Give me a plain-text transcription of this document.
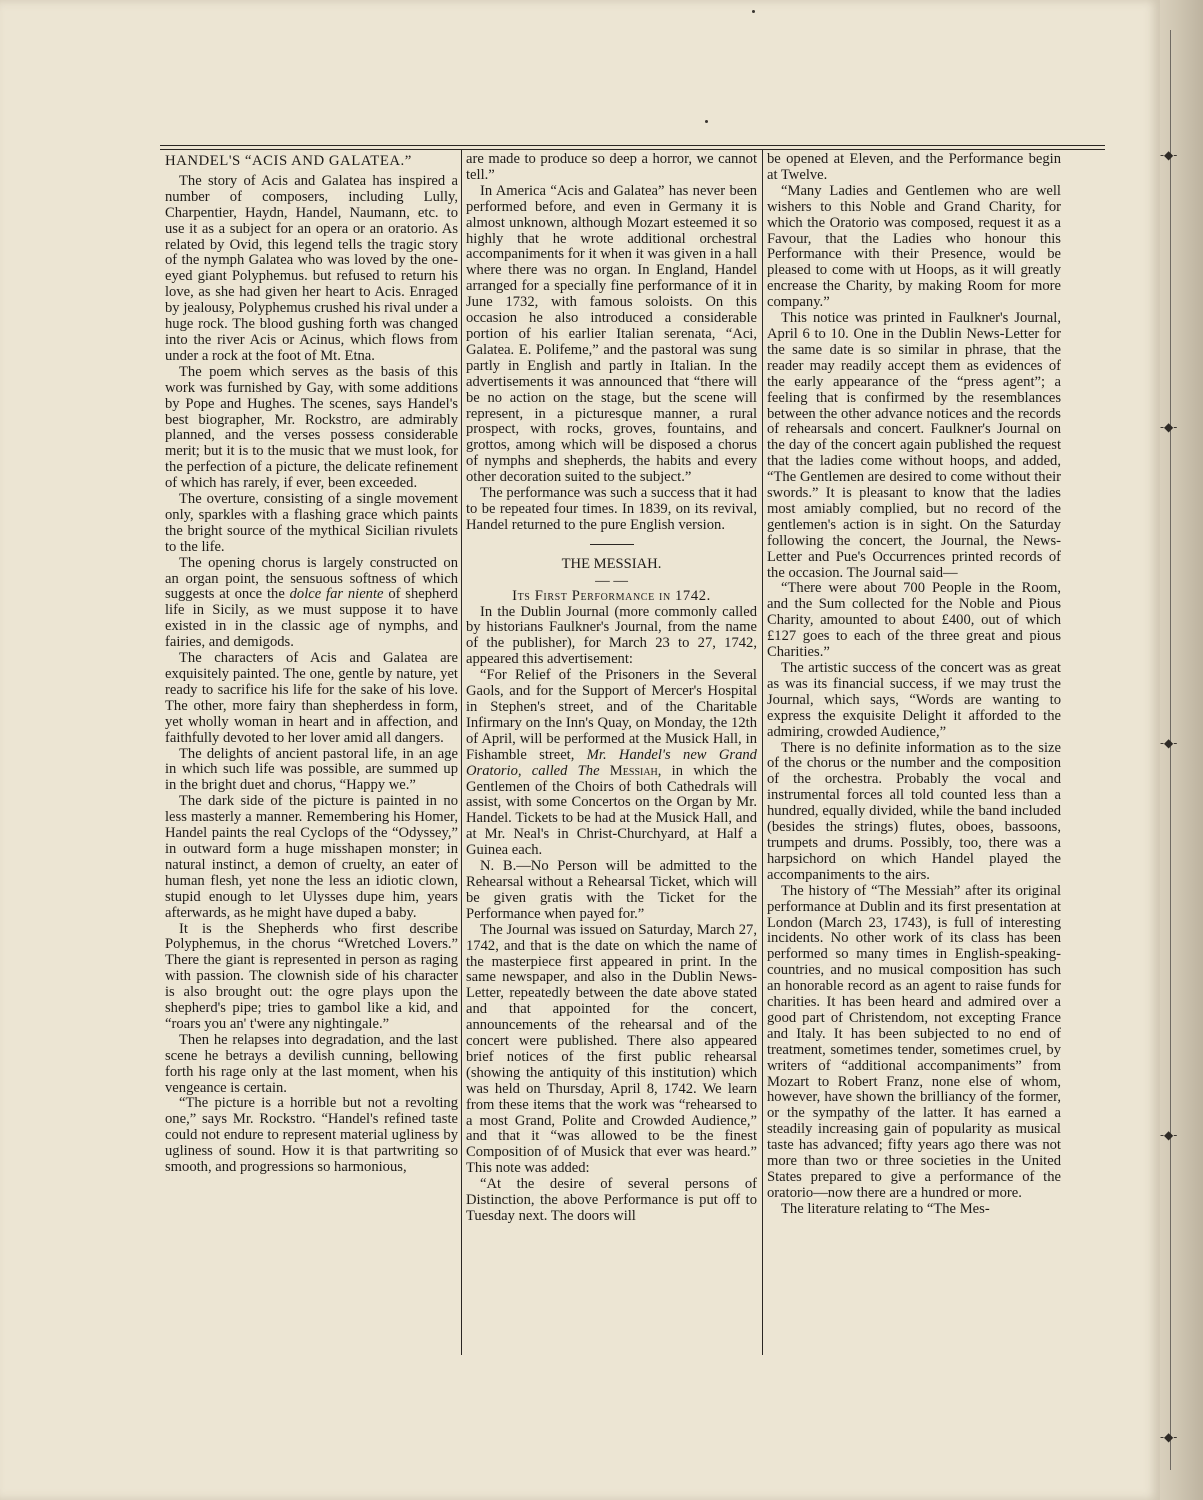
HANDEL'S “ACIS AND GALATEA.”

The story of Acis and Galatea has inspired a number of composers, including Lully, Charpentier, Haydn, Handel, Naumann, etc. to use it as a subject for an opera or an oratorio. As related by Ovid, this legend tells the tragic story of the nymph Galatea who was loved by the one-eyed giant Polyphemus. but refused to return his love, as she had given her heart to Acis. Enraged by jealousy, Polyphemus crushed his rival under a huge rock. The blood gushing forth was changed into the river Acis or Acinus, which flows from under a rock at the foot of Mt. Etna.

The poem which serves as the basis of this work was furnished by Gay, with some additions by Pope and Hughes. The scenes, says Handel's best biographer, Mr. Rockstro, are admirably planned, and the verses possess considerable merit; but it is to the music that we must look, for the perfection of a picture, the delicate refinement of which has rarely, if ever, been exceeded.

The overture, consisting of a single movement only, sparkles with a flashing grace which paints the bright source of the mythical Sicilian rivulets to the life.

The opening chorus is largely constructed on an organ point, the sensuous softness of which suggests at once the dolce far niente of shepherd life in Sicily, as we must suppose it to have existed in in the classic age of nymphs, and fairies, and demigods.

The characters of Acis and Galatea are exquisitely painted. The one, gentle by nature, yet ready to sacrifice his life for the sake of his love. The other, more fairy than shepherdess in form, yet wholly woman in heart and in affection, and faithfully devoted to her lover amid all dangers.

The delights of ancient pastoral life, in an age in which such life was possible, are summed up in the bright duet and chorus, “Happy we.”

The dark side of the picture is painted in no less masterly a manner. Remembering his Homer, Handel paints the real Cyclops of the “Odyssey,” in outward form a huge misshapen monster; in natural instinct, a demon of cruelty, an eater of human flesh, yet none the less an idiotic clown, stupid enough to let Ulysses dupe him, years afterwards, as he might have duped a baby.

It is the Shepherds who first describe Polyphemus, in the chorus “Wretched Lovers.” There the giant is represented in person as raging with passion. The clownish side of his character is also brought out: the ogre plays upon the shepherd's pipe; tries to gambol like a kid, and “roars you an' t'were any nightingale.”

Then he relapses into degradation, and the last scene he betrays a devilish cunning, bellowing forth his rage only at the last moment, when his vengeance is certain.

“The picture is a horrible but not a revolting one,” says Mr. Rockstro. “Handel's refined taste could not endure to represent material ugliness by ugliness of sound. How it is that partwriting so smooth, and progressions so harmonious,

are made to produce so deep a horror, we cannot tell.”

In America “Acis and Galatea” has never been performed before, and even in Germany it is almost unknown, although Mozart esteemed it so highly that he wrote additional orchestral accompaniments for it when it was given in a hall where there was no organ. In England, Handel arranged for a specially fine performance of it in June 1732, with famous soloists. On this occasion he also introduced a considerable portion of his earlier Italian serenata, “Aci, Galatea. E. Polifeme,” and the pastoral was sung partly in English and partly in Italian. In the advertisements it was announced that “there will be no action on the stage, but the scene will represent, in a picturesque manner, a rural prospect, with rocks, groves, fountains, and grottos, among which will be disposed a chorus of nymphs and shepherds, the habits and every other decoration suited to the subject.”

The performance was such a success that it had to be repeated four times. In 1839, on its revival, Handel returned to the pure English version.

THE MESSIAH.

— —

Its First Performance in 1742.

In the Dublin Journal (more commonly called by historians Faulkner's Journal, from the name of the publisher), for March 23 to 27, 1742, appeared this advertisement:

“For Relief of the Prisoners in the Several Gaols, and for the Support of Mercer's Hospital in Stephen's street, and of the Charitable Infirmary on the Inn's Quay, on Monday, the 12th of April, will be performed at the Musick Hall, in Fishamble street, Mr. Handel's new Grand Oratorio, called The Messiah, in which the Gentlemen of the Choirs of both Cathedrals will assist, with some Concertos on the Organ by Mr. Handel. Tickets to be had at the Musick Hall, and at Mr. Neal's in Christ-Churchyard, at Half a Guinea each.

N. B.—No Person will be admitted to the Rehearsal without a Rehearsal Ticket, which will be given gratis with the Ticket for the Performance when payed for.”

The Journal was issued on Saturday, March 27, 1742, and that is the date on which the name of the masterpiece first appeared in print. In the same newspaper, and also in the Dublin News-Letter, repeatedly between the date above stated and that appointed for the concert, announcements of the rehearsal and of the concert were published. There also appeared brief notices of the first public rehearsal (showing the antiquity of this institution) which was held on Thursday, April 8, 1742. We learn from these items that the work was “rehearsed to a most Grand, Polite and Crowded Audience,” and that it “was allowed to be the finest Composition of of Musick that ever was heard.” This note was added:

“At the desire of several persons of Distinction, the above Performance is put off to Tuesday next. The doors will

be opened at Eleven, and the Performance begin at Twelve.

“Many Ladies and Gentlemen who are well wishers to this Noble and Grand Charity, for which the Oratorio was composed, request it as a Favour, that the Ladies who honour this Performance with their Presence, would be pleased to come with ut Hoops, as it will greatly encrease the Charity, by making Room for more company.”

This notice was printed in Faulkner's Journal, April 6 to 10. One in the Dublin News-Letter for the same date is so similar in phrase, that the reader may readily accept them as evidences of the early appearance of the “press agent”; a feeling that is confirmed by the resemblances between the other advance notices and the records of rehearsals and concert. Faulkner's Journal on the day of the concert again published the request that the ladies come without hoops, and added, “The Gentlemen are desired to come without their swords.” It is pleasant to know that the ladies most amiably complied, but no record of the gentlemen's action is in sight. On the Saturday following the concert, the Journal, the News-Letter and Pue's Occurrences printed records of the occasion. The Journal said—

“There were about 700 People in the Room, and the Sum collected for the Noble and Pious Charity, amounted to about £400, out of which £127 goes to each of the three great and pious Charities.”

The artistic success of the concert was as great as was its financial success, if we may trust the Journal, which says, “Words are wanting to express the exquisite Delight it afforded to the admiring, crowded Audience,”

There is no definite information as to the size of the chorus or the number and the composition of the orchestra. Probably the vocal and instrumental forces all told counted less than a hundred, equally divided, while the band included (besides the strings) flutes, oboes, bassoons, trumpets and drums. Possibly, too, there was a harpsichord on which Handel played the accompaniments to the airs.

The history of “The Messiah” after its original performance at Dublin and its first presentation at London (March 23, 1743), is full of interesting incidents. No other work of its class has been performed so many times in English-speaking- countries, and no musical composition has such an honorable record as an agent to raise funds for charities. It has been heard and admired over a good part of Christendom, not excepting France and Italy. It has been subjected to no end of treatment, sometimes tender, sometimes cruel, by writers of “additional accompaniments” from Mozart to Robert Franz, none else of whom, however, have shown the brilliancy of the former, or the sympathy of the latter. It has earned a steadily increasing gain of popularity as musical taste has advanced; fifty years ago there was not more than two or three societies in the United States prepared to give a performance of the oratorio—now there are a hundred or more.

The literature relating to “The Mes-

‑◆‑
‑◆‑
‑◆‑
‑◆‑
‑◆‑
